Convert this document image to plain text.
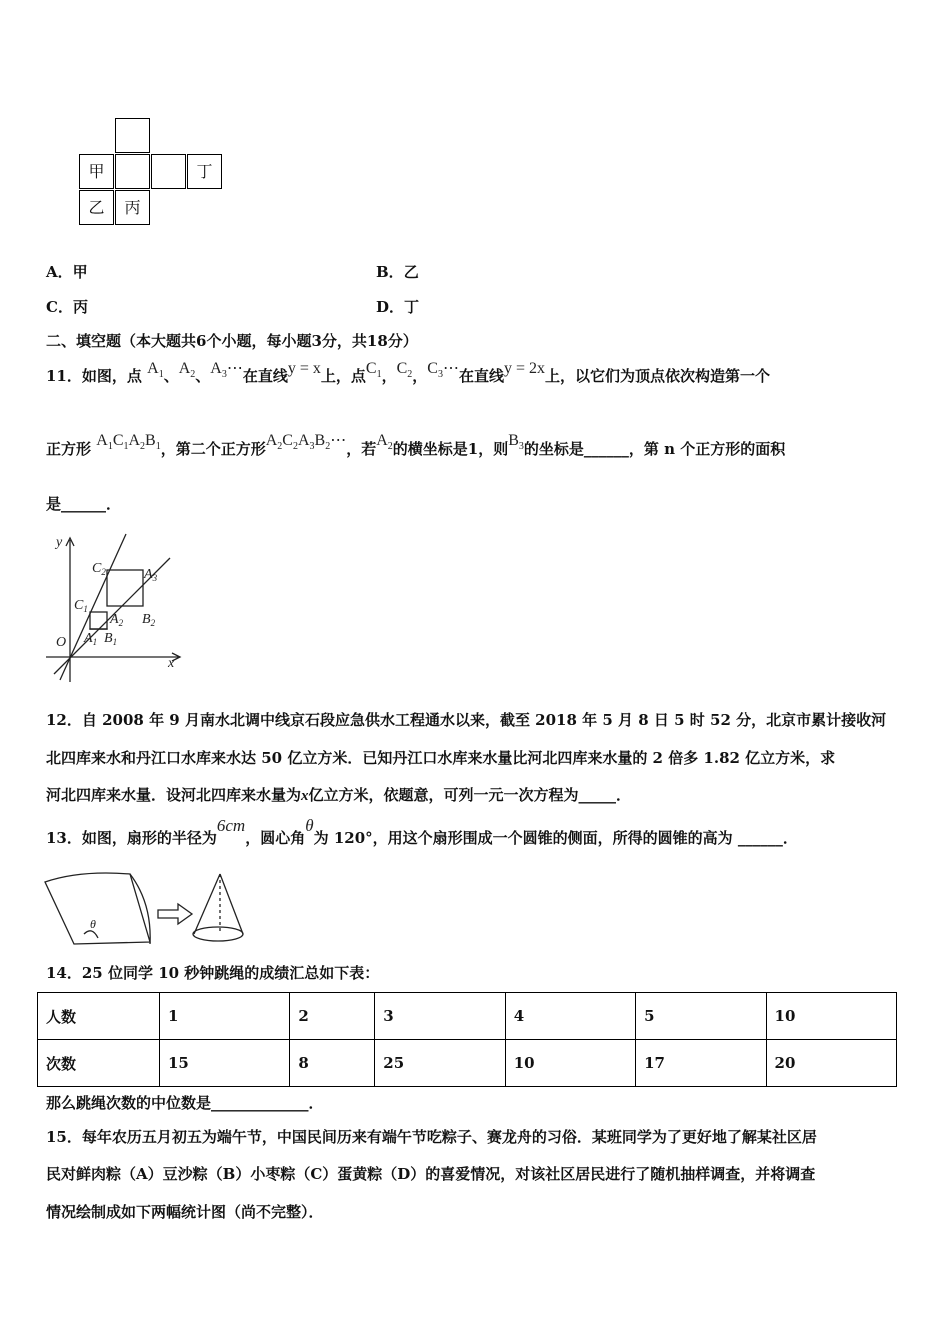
甲	丁
乙	丙
A．甲	B．乙
C．丙	D．丁
二、填空题（本大题共6个小题，每小题3分，共18分）
11．如图，点 $A_1$、$A_2$、$A_3\cdots$在直线y = x上，点$C_1$，$C_2$，$C_3\cdots$在直线y = 2x上，以它们为顶点依次构造第一个
正方形 $A_1C_1A_2B_1$，第二个正方形$A_2C_2A_3B_2\cdots$，若$A_2$的横坐标是1，则$B_3$的坐标是______，第 n 个正方形的面积
是______．
y
x
O
$C_2$
$C_1$
$A_3$
$A_2$ $B_2$
$A_1$ $B_1$
12．自 2008 年 9 月南水北调中线京石段应急供水工程通水以来，截至 2018 年 5 月 8 日 5 时 52 分，北京市累计接收河
北四库来水和丹江口水库来水达 50 亿立方米．已知丹江口水库来水量比河北四库来水量的 2 倍多 1.82 亿立方米，求
河北四库来水量．设河北四库来水量为x亿立方米，依题意，可列一元一次方程为_____．
13．如图，扇形的半径为6cm，圆心角θ为 120°，用这个扇形围成一个圆锥的侧面，所得的圆锥的高为 ______．
θ
14．25 位同学 10 秒钟跳绳的成绩汇总如下表：
人数	1	2	3	4	5	10
次数	15	8	25	10	17	20
那么跳绳次数的中位数是_____________．
15．每年农历五月初五为端午节，中国民间历来有端午节吃粽子、赛龙舟的习俗．某班同学为了更好地了解某社区居
民对鲜肉粽（A）豆沙粽（B）小枣粽（C）蛋黄粽（D）的喜爱情况，对该社区居民进行了随机抽样调查，并将调查
情况绘制成如下两幅统计图（尚不完整）．
